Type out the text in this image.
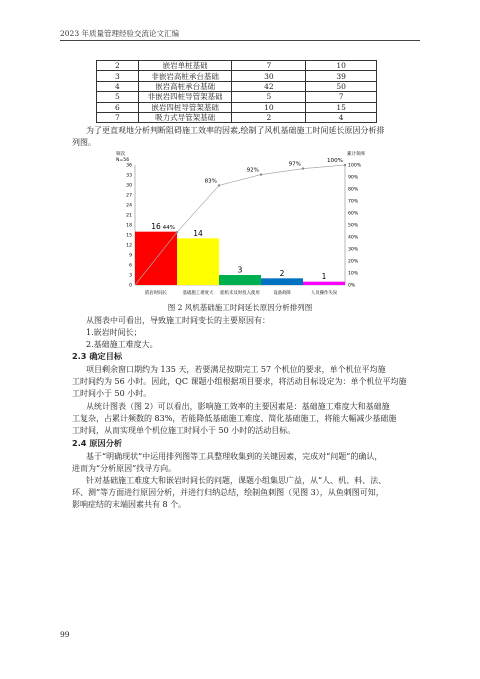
2023 年质量管理经验交流论文汇编
2	嵌岩单桩基础	7	10
3	非嵌岩高桩承台基础	30	39
4	嵌岩高桩承台基础	42	50
5	非嵌岩四桩导管架基础	5	7
6	嵌岩四桩导管架基础	10	15
7	吸力式导管架基础	2	4

为了更直观地分析判断阻碍施工效率的因素,绘制了风机基础施工时间延长原因分析排

列图。

频次
N=56
累计频率
0
3
6
9
12
15
18
21
24
27
30
33
36
0%
10%
20%
30%
40%
50%
60%
70%
80%
90%
100%
16
嵌岩时间长
14
基础施工难度大
3
船机未及时投入使用
2
设备故障
1
人员操作失误
44%
83%
92%
97%
100%
图 2 风机基础施工时间延长原因分析排列图

从图表中可看出，导致施工时间变长的主要原因有：

1.嵌岩时间长；

2.基础施工难度大。

2.3 确定目标

项目剩余窗口期约为 135 天，若要满足按期完工 57 个机位的要求，单个机位平均施

工时间约为 56 小时。因此，QC 课题小组根据项目要求，将活动目标设定为：单个机位平均施

工时间小于 50 小时。

从统计图表（图 2）可以看出，影响施工效率的主要因素是：基础施工难度大和基础施

工复杂，占累计频数的 83%，若能降低基础施工难度、简化基础施工，将能大幅减少基础施

工时间，从而实现单个机位施工时间小于 50 小时的活动目标。

2.4 原因分析

基于“明确现状”中运用排列图等工具整理收集到的关键因素，完成对“问题”的确认，

进而为“分析原因”找寻方向。

针对基础施工难度大和嵌岩时间长的问题，课题小组集思广益，从“人、机、料、法、

环、测”等方面进行原因分析，并进行归纳总结，绘制鱼刺图（见图 3），从鱼刺图可知，

影响症结的末端因素共有 8 个。

99
